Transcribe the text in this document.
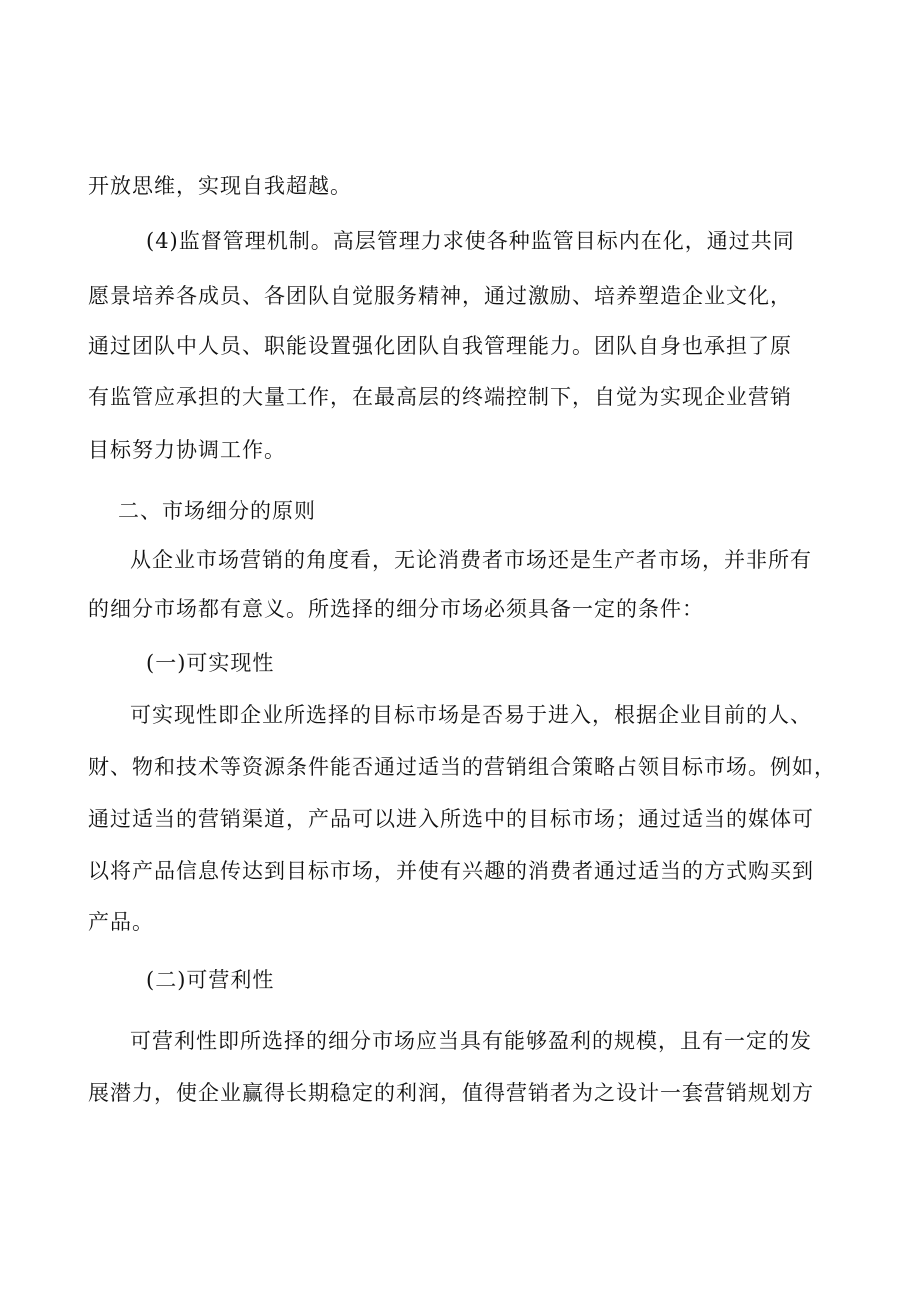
开放思维，实现自我超越。
(4)监督管理机制。高层管理力求使各种监管目标内在化，通过共同
愿景培养各成员、各团队自觉服务精神，通过激励、培养塑造企业文化，
通过团队中人员、职能设置强化团队自我管理能力。团队自身也承担了原
有监管应承担的大量工作，在最高层的终端控制下，自觉为实现企业营销
目标努力协调工作。
二、市场细分的原则
从企业市场营销的角度看，无论消费者市场还是生产者市场，并非所有
的细分市场都有意义。所选择的细分市场必须具备一定的条件：
(一)可实现性
可实现性即企业所选择的目标市场是否易于进入，根据企业目前的人、
财、物和技术等资源条件能否通过适当的营销组合策略占领目标市场。例如，
通过适当的营销渠道，产品可以进入所选中的目标市场；通过适当的媒体可
以将产品信息传达到目标市场，并使有兴趣的消费者通过适当的方式购买到
产品。
(二)可营利性
可营利性即所选择的细分市场应当具有能够盈利的规模，且有一定的发
展潜力，使企业赢得长期稳定的利润，值得营销者为之设计一套营销规划方
